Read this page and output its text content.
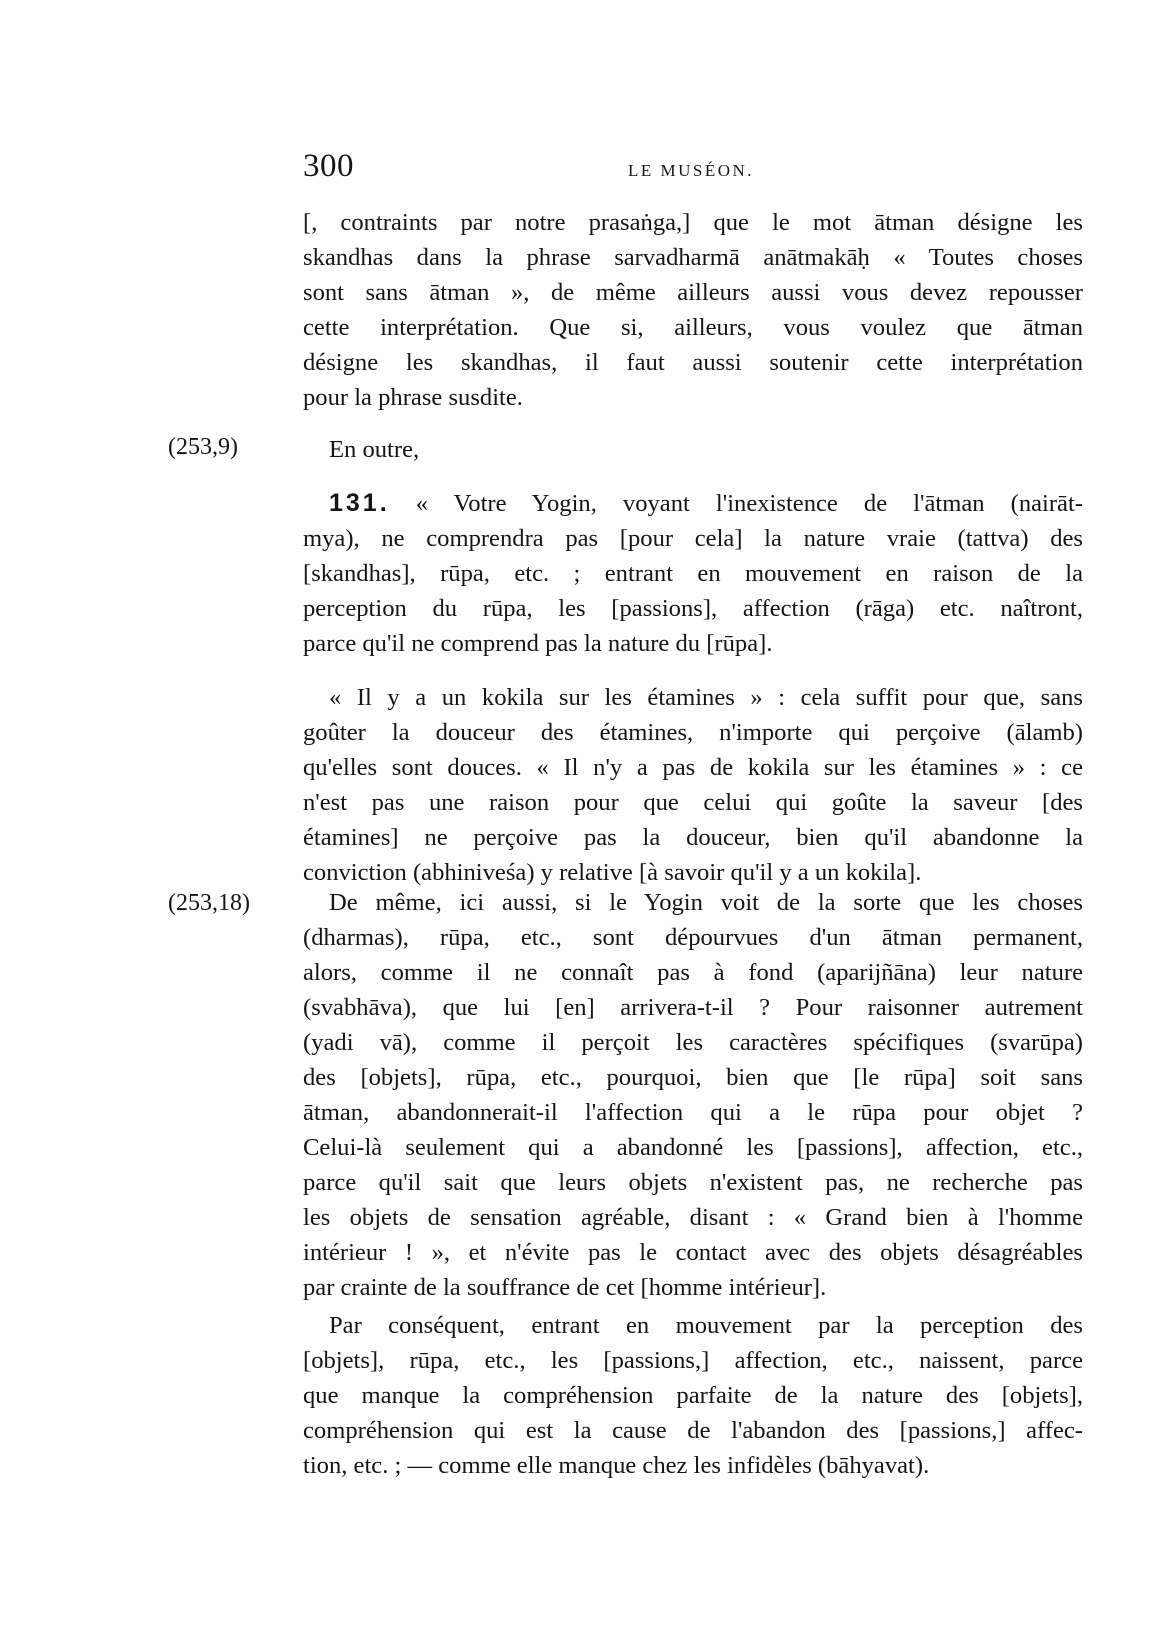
300	LE MUSÉON.
[, contraints par notre prasaṅga,] que le mot ātman désigne les
skandhas dans la phrase sarvadharmā anātmakāḥ « Toutes choses
sont sans ātman », de même ailleurs aussi vous devez repousser
cette interprétation. Que si, ailleurs, vous voulez que ātman
désigne les skandhas, il faut aussi soutenir cette interprétation
pour la phrase susdite.
(253,9)	En outre,
131. « Votre Yogin, voyant l'inexistence de l'ātman (nairāt-
mya), ne comprendra pas [pour cela] la nature vraie (tattva) des
[skandhas], rūpa, etc. ; entrant en mouvement en raison de la
perception du rūpa, les [passions], affection (rāga) etc. naîtront,
parce qu'il ne comprend pas la nature du [rūpa].
« Il y a un kokila sur les étamines » : cela suffit pour que, sans
goûter la douceur des étamines, n'importe qui perçoive (ālamb)
qu'elles sont douces. « Il n'y a pas de kokila sur les étamines » : ce
n'est pas une raison pour que celui qui goûte la saveur [des
étamines] ne perçoive pas la douceur, bien qu'il abandonne la
conviction (abhiniveśa) y relative [à savoir qu'il y a un kokila].
(253,18)	De même, ici aussi, si le Yogin voit de la sorte que les choses
(dharmas), rūpa, etc., sont dépourvues d'un ātman permanent,
alors, comme il ne connaît pas à fond (aparijñāna) leur nature
(svabhāva), que lui [en] arrivera-t-il ? Pour raisonner autrement
(yadi vā), comme il perçoit les caractères spécifiques (svarūpa)
des [objets], rūpa, etc., pourquoi, bien que [le rūpa] soit sans
ātman, abandonnerait-il l'affection qui a le rūpa pour objet ?
Celui-là seulement qui a abandonné les [passions], affection, etc.,
parce qu'il sait que leurs objets n'existent pas, ne recherche pas
les objets de sensation agréable, disant : « Grand bien à l'homme
intérieur ! », et n'évite pas le contact avec des objets désagréables
par crainte de la souffrance de cet [homme intérieur].
Par conséquent, entrant en mouvement par la perception des
[objets], rūpa, etc., les [passions,] affection, etc., naissent, parce
que manque la compréhension parfaite de la nature des [objets],
compréhension qui est la cause de l'abandon des [passions,] affec-
tion, etc. ; — comme elle manque chez les infidèles (bāhyavat).
